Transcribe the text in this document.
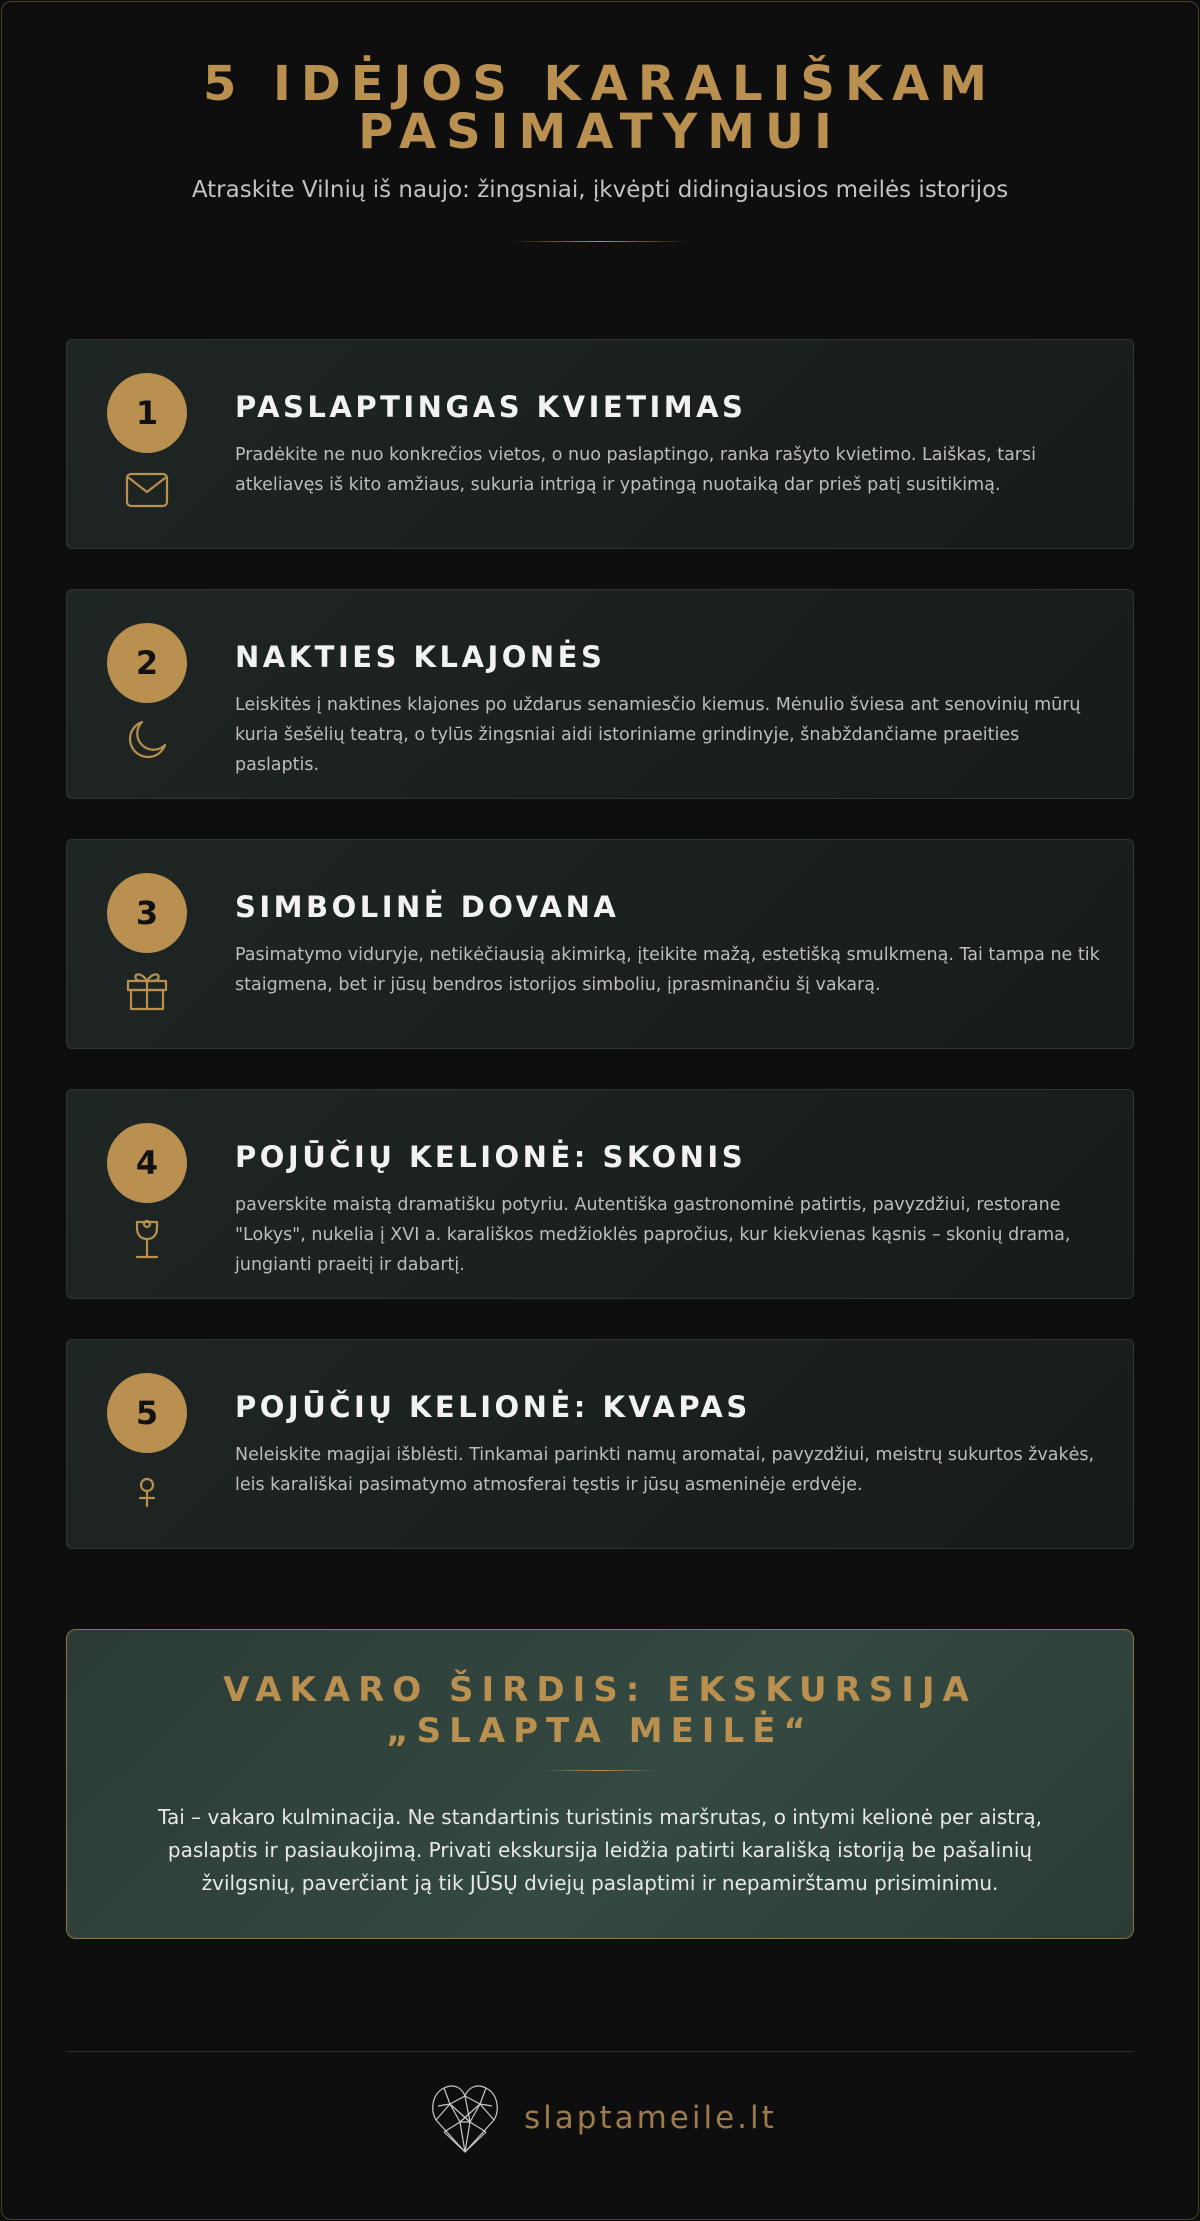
5 IDĖJOS KARALIŠKAM PASIMATYMUI

Atraskite Vilnių iš naujo: žingsniai, įkvėpti didingiausios meilės istorijos

1	PASLAPTINGAS KVIETIMAS

Pradėkite ne nuo konkrečios vietos, o nuo paslaptingo, ranka rašyto kvietimo. Laiškas, tarsi atkeliavęs iš kito amžiaus, sukuria intrigą ir ypatingą nuotaiką dar prieš patį susitikimą.

2	NAKTIES KLAJONĖS

Leiskitės į naktines klajones po uždarus senamiesčio kiemus. Mėnulio šviesa ant senovinių mūrų kuria šešėlių teatrą, o tylūs žingsniai aidi istoriniame grindinyje, šnabždančiame praeities paslaptis.

3	SIMBOLINĖ DOVANA

Pasimatymo viduryje, netikėčiausią akimirką, įteikite mažą, estetišką smulkmeną. Tai tampa ne tik staigmena, bet ir jūsų bendros istorijos simboliu, įprasminančiu šį vakarą.

4	POJŪČIŲ KELIONĖ: SKONIS

paverskite maistą dramatišku potyriu. Autentiška gastronominė patirtis, pavyzdžiui, restorane "Lokys", nukelia į XVI a. karališkos medžioklės papročius, kur kiekvienas kąsnis – skonių drama, jungianti praeitį ir dabartį.

5	POJŪČIŲ KELIONĖ: KVAPAS

Neleiskite magijai išblėsti. Tinkamai parinkti namų aromatai, pavyzdžiui, meistrų sukurtos žvakės, leis karališkai pasimatymo atmosferai tęstis ir jūsų asmeninėje erdvėje.

VAKARO ŠIRDIS: EKSKURSIJA „SLAPTA MEILĖ“

Tai – vakaro kulminacija. Ne standartinis turistinis maršrutas, o intymi kelionė per aistrą, paslaptis ir pasiaukojimą. Privati ekskursija leidžia patirti karališką istoriją be pašalinių žvilgsnių, paverčiant ją tik JŪSŲ dviejų paslaptimi ir nepamirštamu prisiminimu.

slaptameile.lt
